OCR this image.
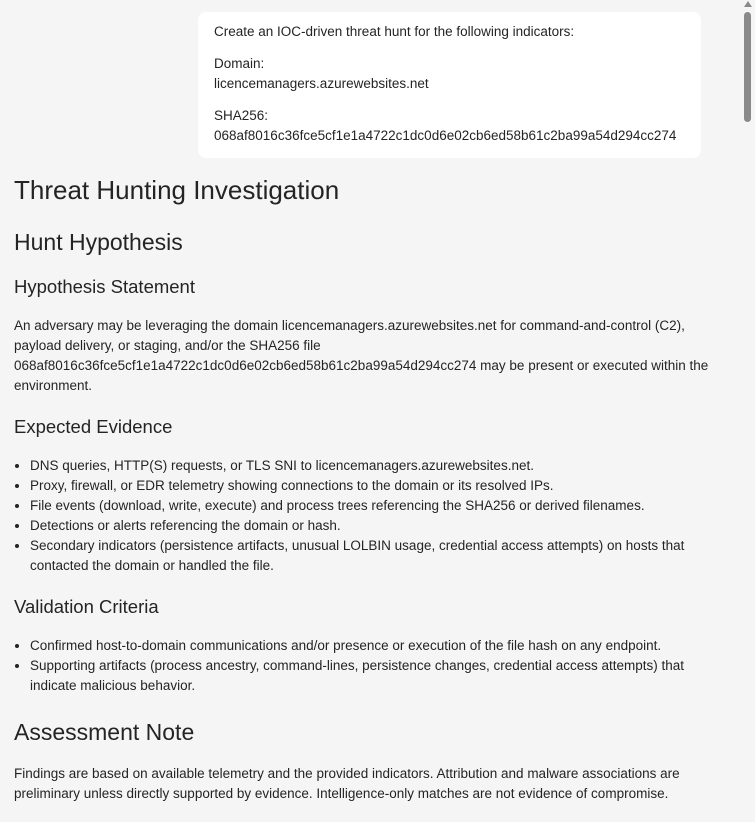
Create an IOC-driven threat hunt for the following indicators:

Domain:
licencemanagers.azurewebsites.net

SHA256:
068af8016c36fce5cf1e1a4722c1dc0d6e02cb6ed58b61c2ba99a54d294cc274

Threat Hunting Investigation
Hunt Hypothesis
Hypothesis Statement

An adversary may be leveraging the domain licencemanagers.azurewebsites.net for command-and-control (C2), payload delivery, or staging, and/or the SHA256 file 068af8016c36fce5cf1e1a4722c1dc0d6e02cb6ed58b61c2ba99a54d294cc274 may be present or executed within the environment.

Expected Evidence
• DNS queries, HTTP(S) requests, or TLS SNI to licencemanagers.azurewebsites.net.
• Proxy, firewall, or EDR telemetry showing connections to the domain or its resolved IPs.
• File events (download, write, execute) and process trees referencing the SHA256 or derived filenames.
• Detections or alerts referencing the domain or hash.
• Secondary indicators (persistence artifacts, unusual LOLBIN usage, credential access attempts) on hosts that contacted the domain or handled the file.
Validation Criteria
• Confirmed host-to-domain communications and/or presence or execution of the file hash on any endpoint.
• Supporting artifacts (process ancestry, command-lines, persistence changes, credential access attempts) that indicate malicious behavior.
Assessment Note

Findings are based on available telemetry and the provided indicators. Attribution and malware associations are preliminary unless directly supported by evidence. Intelligence-only matches are not evidence of compromise.
